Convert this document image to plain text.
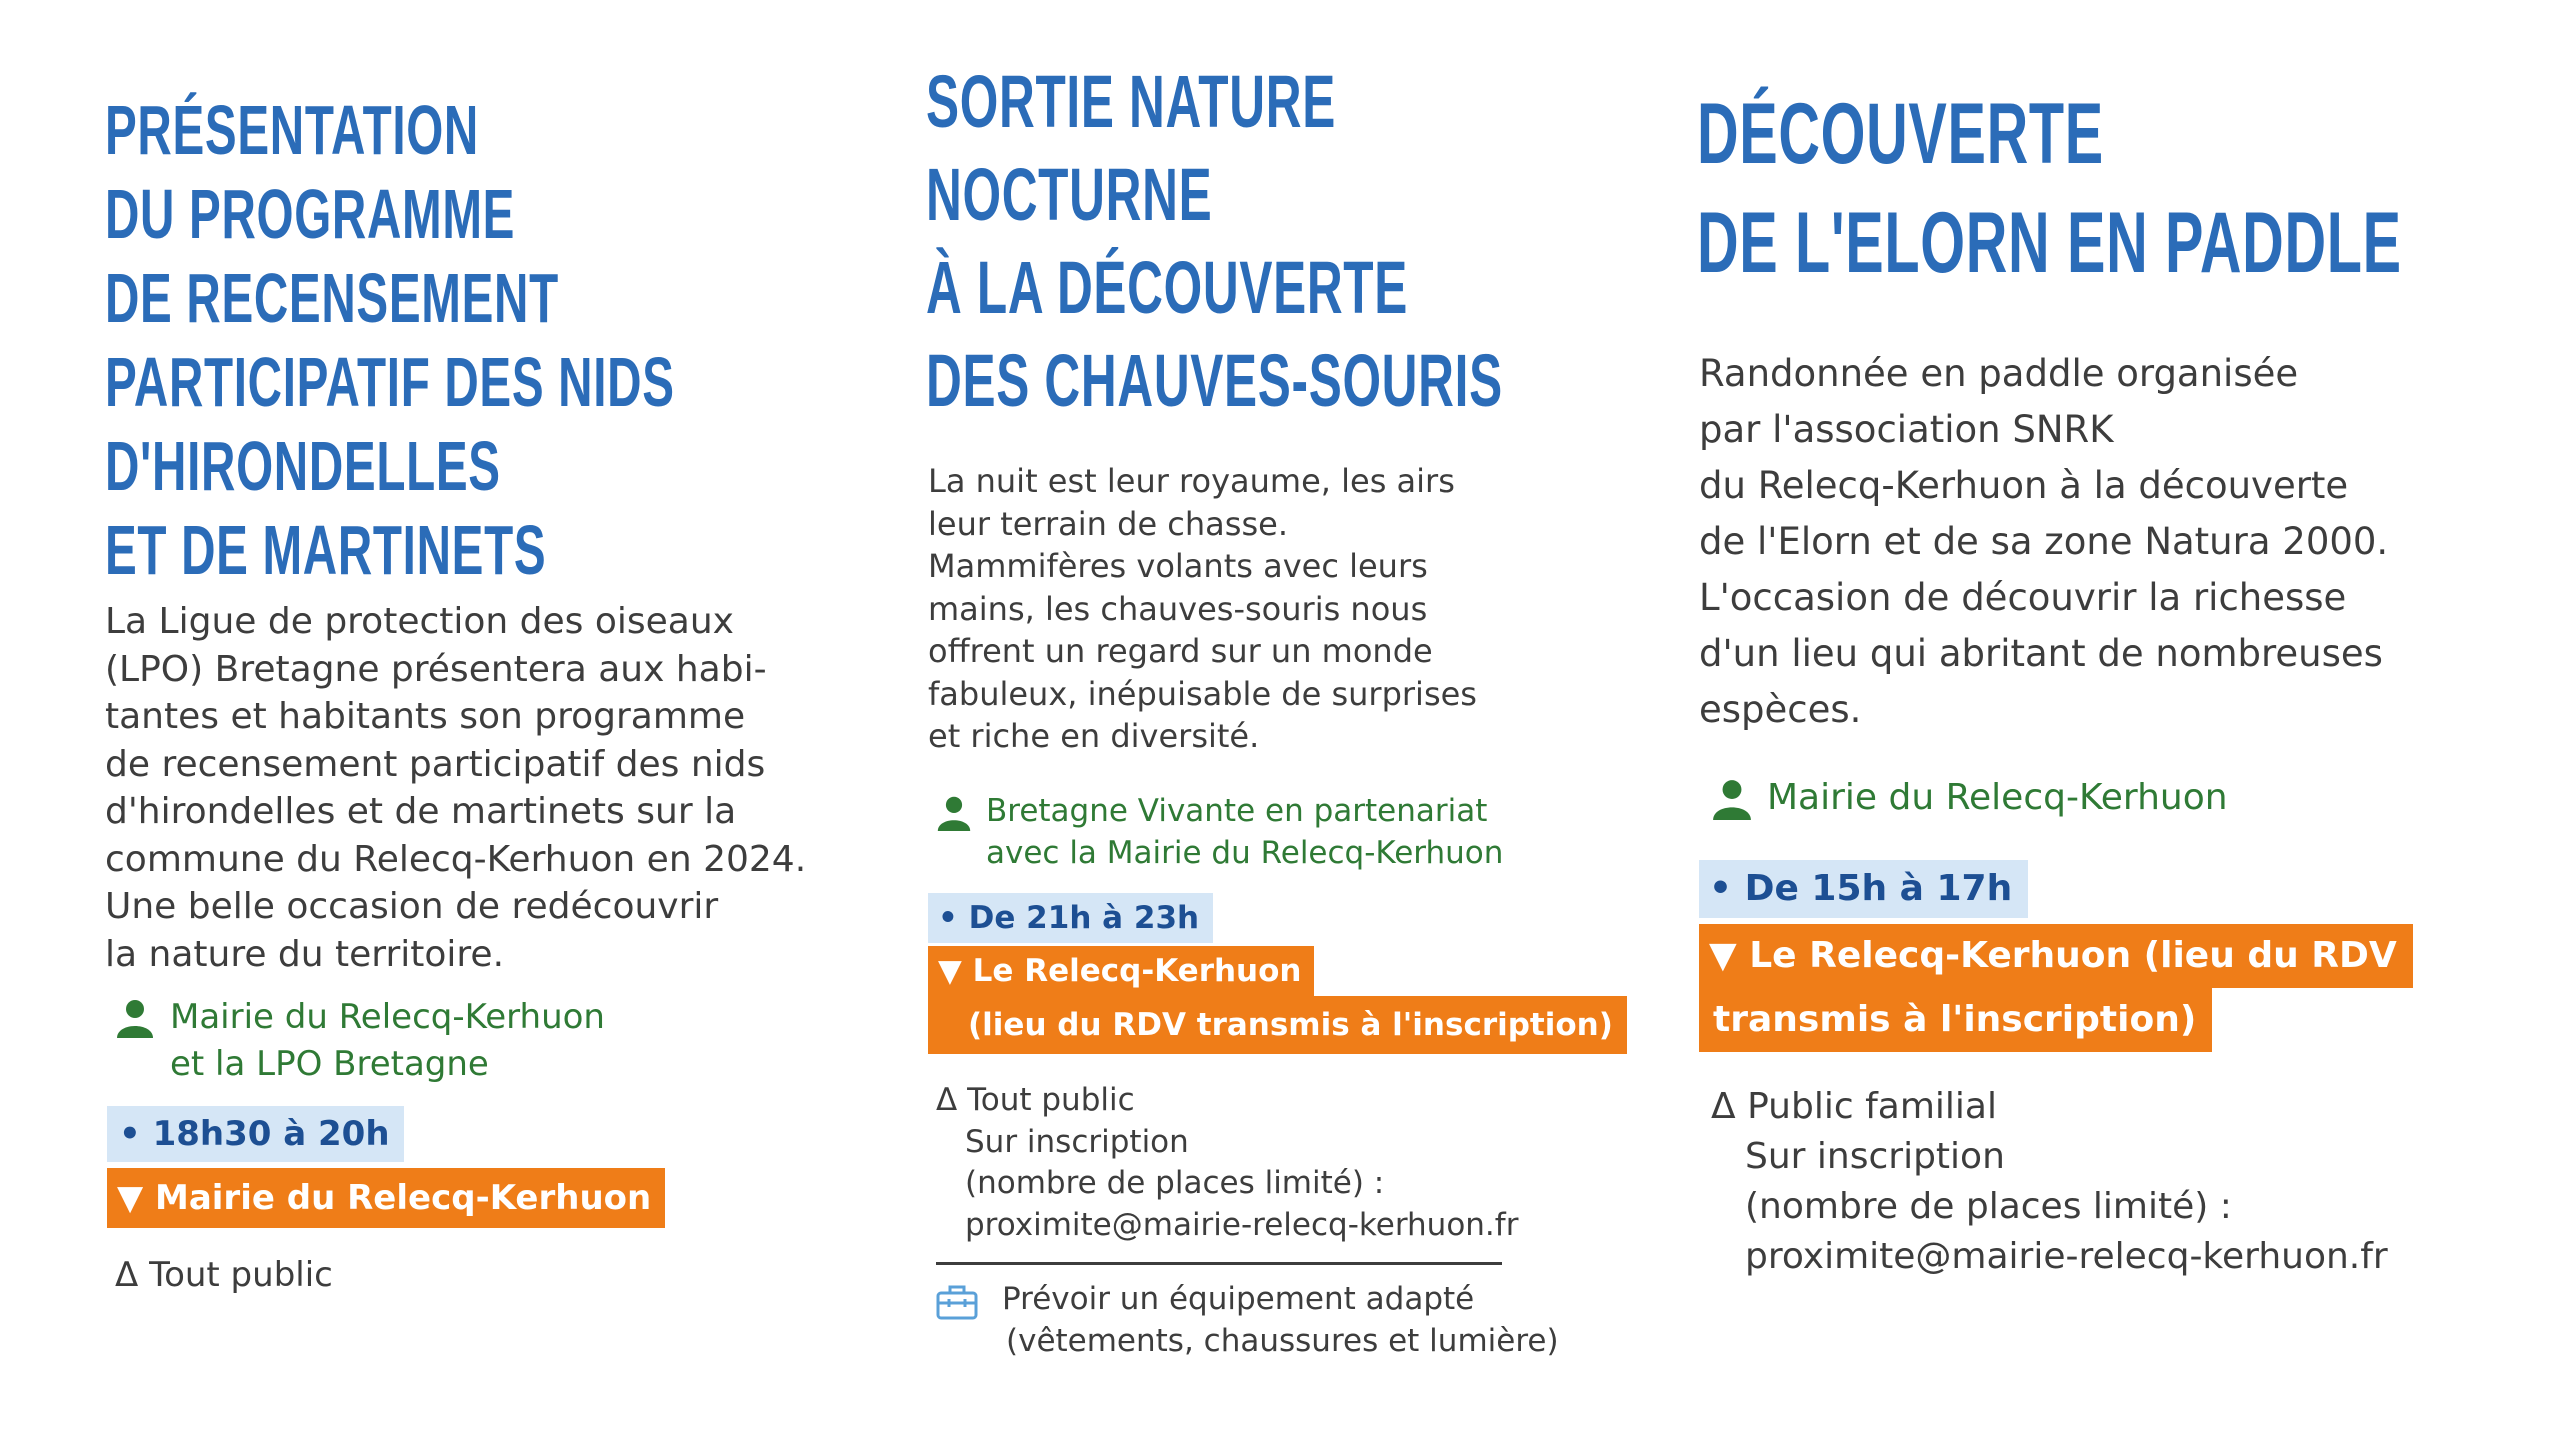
PRÉSENTATION
DU PROGRAMME
DE RECENSEMENT
PARTICIPATIF DES NIDS
D'HIRONDELLES
ET DE MARTINETS
La Ligue de protection des oiseaux
(LPO) Bretagne présentera aux habi-
tantes et habitants son programme
de recensement participatif des nids
d'hirondelles et de martinets sur la
commune du Relecq-Kerhuon en 2024.
Une belle occasion de redécouvrir
la nature du territoire.
Mairie du Relecq-Kerhuon
et la LPO Bretagne
• 18h30 à 20h
▼ Mairie du Relecq-Kerhuon
Δ Tout public
SORTIE NATURE
NOCTURNE
À LA DÉCOUVERTE
DES CHAUVES-SOURIS
La nuit est leur royaume, les airs
leur terrain de chasse.
Mammifères volants avec leurs
mains, les chauves-souris nous
offrent un regard sur un monde
fabuleux, inépuisable de surprises
et riche en diversité.
Bretagne Vivante en partenariat
avec la Mairie du Relecq-Kerhuon
• De 21h à 23h
▼ Le Relecq-Kerhuon
(lieu du RDV transmis à l'inscription)
Δ Tout public
Sur inscription
(nombre de places limité) :
proximite@mairie-relecq-kerhuon.fr
Prévoir un équipement adapté
(vêtements, chaussures et lumière)
DÉCOUVERTE
DE L'ELORN EN PADDLE
Randonnée en paddle organisée
par l'association SNRK
du Relecq-Kerhuon à la découverte
de l'Elorn et de sa zone Natura 2000.
L'occasion de découvrir la richesse
d'un lieu qui abritant de nombreuses
espèces.
Mairie du Relecq-Kerhuon
• De 15h à 17h
▼ Le Relecq-Kerhuon (lieu du RDV
transmis à l'inscription)
Δ Public familial
Sur inscription
(nombre de places limité) :
proximite@mairie-relecq-kerhuon.fr
